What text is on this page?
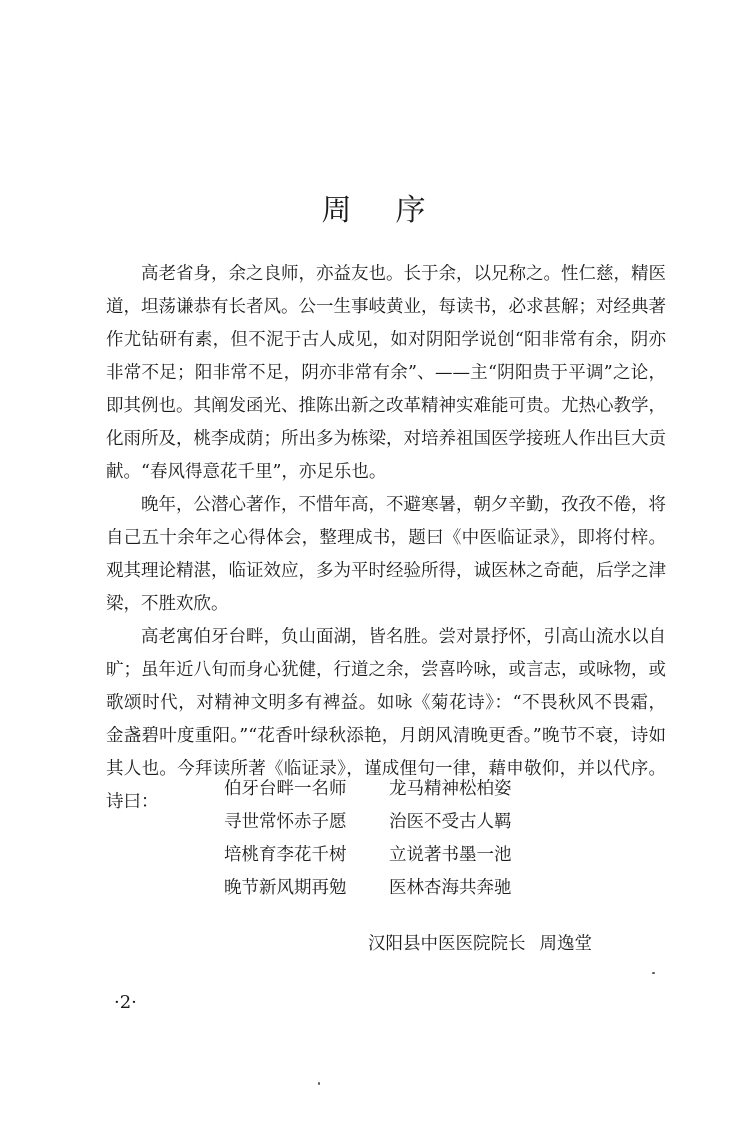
周序

高老省身，余之良师，亦益友也。长于余，以兄称之。性仁慈，精医道，坦荡谦恭有长者风。公一生事岐黄业，每读书，必求甚解；对经典著作尤钻研有素，但不泥于古人成见，如对阴阳学说创“阳非常有余，阴亦非常不足；阳非常不足，阴亦非常有余”、——主“阴阳贵于平调”之论，即其例也。其阐发函光、推陈出新之改革精神实难能可贵。尤热心教学，化雨所及，桃李成荫；所出多为栋梁，对培养祖国医学接班人作出巨大贡献。“春风得意花千里”，亦足乐也。

晚年，公潜心著作，不惜年高，不避寒暑，朝夕辛勤，孜孜不倦，将自己五十余年之心得体会，整理成书，题曰《中医临证录》，即将付梓。观其理论精湛，临证效应，多为平时经验所得，诚医林之奇葩，后学之津梁，不胜欢欣。

高老寓伯牙台畔，负山面湖，皆名胜。尝对景抒怀，引高山流水以自旷；虽年近八旬而身心犹健，行道之余，尝喜吟咏，或言志，或咏物，或歌颂时代，对精神文明多有裨益。如咏《菊花诗》：“不畏秋风不畏霜，金盏碧叶度重阳。”“花香叶绿秋添艳，月朗风清晚更香。”晚节不衰，诗如其人也。今拜读所著《临证录》，谨成俚句一律，藉申敬仰，并以代序。诗曰：

伯牙台畔一名师	龙马精神松柏姿
寻世常怀赤子愿	治医不受古人羁
培桃育李花千树	立说著书墨一池
晚节新风期再勉	医林杏海共奔驰
汉阳县中医医院院长 周逸堂
·2·
